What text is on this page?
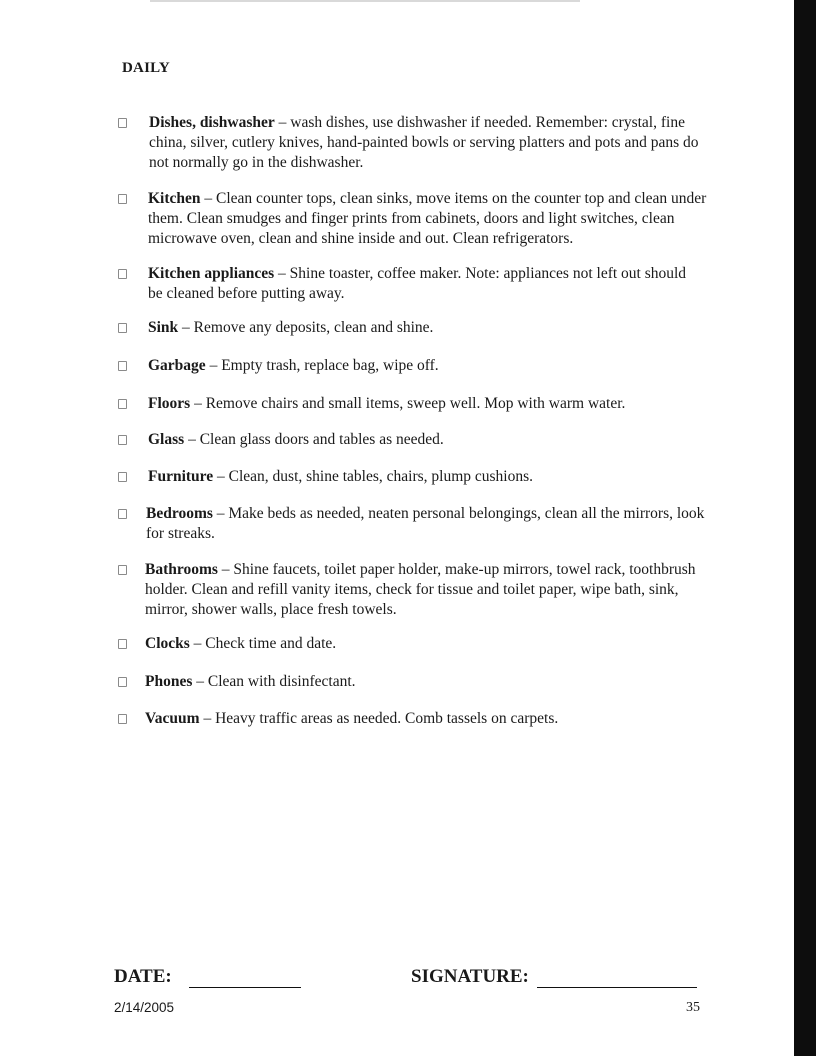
DAILY
Dishes, dishwasher – wash dishes, use dishwasher if needed. Remember: crystal, fine china, silver, cutlery knives, hand-painted bowls or serving platters and pots and pans do not normally go in the dishwasher.
Kitchen – Clean counter tops, clean sinks, move items on the counter top and clean under them. Clean smudges and finger prints from cabinets, doors and light switches, clean microwave oven, clean and shine inside and out. Clean refrigerators.
Kitchen appliances – Shine toaster, coffee maker. Note: appliances not left out should be cleaned before putting away.
Sink – Remove any deposits, clean and shine.
Garbage – Empty trash, replace bag, wipe off.
Floors – Remove chairs and small items, sweep well. Mop with warm water.
Glass – Clean glass doors and tables as needed.
Furniture – Clean, dust, shine tables, chairs, plump cushions.
Bedrooms – Make beds as needed, neaten personal belongings, clean all the mirrors, look for streaks.
Bathrooms – Shine faucets, toilet paper holder, make-up mirrors, towel rack, toothbrush holder. Clean and refill vanity items, check for tissue and toilet paper, wipe bath, sink, mirror, shower walls, place fresh towels.
Clocks – Check time and date.
Phones – Clean with disinfectant.
Vacuum – Heavy traffic areas as needed. Comb tassels on carpets.
DATE:	SIGNATURE:
2/14/2005	35
